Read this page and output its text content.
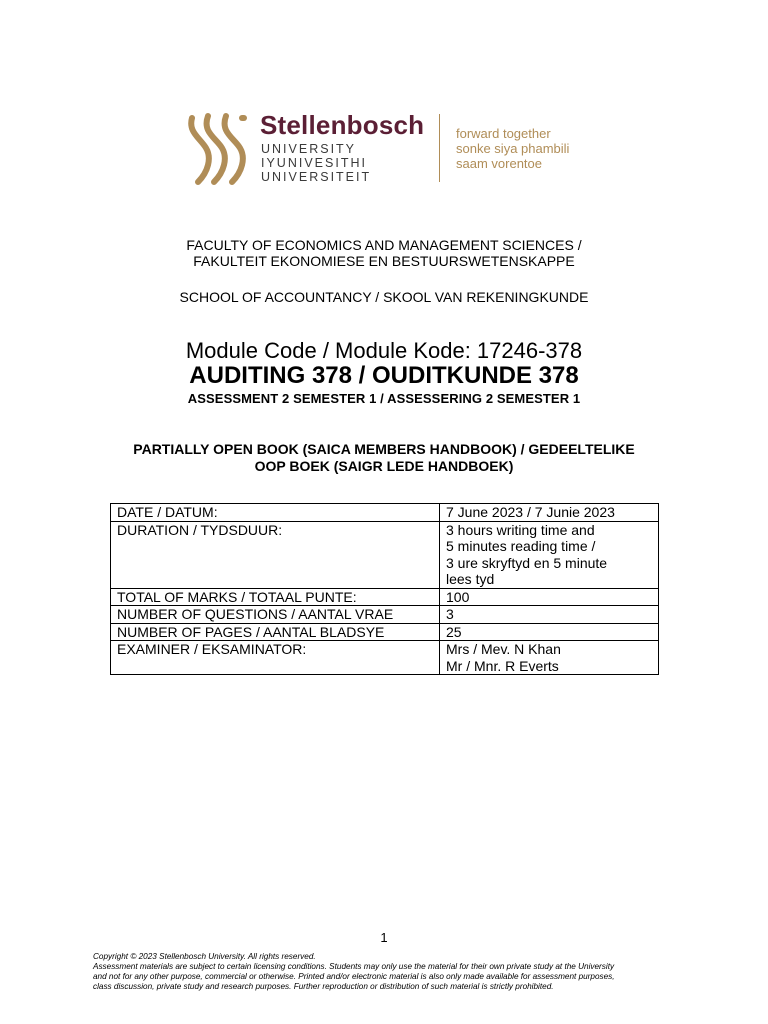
Stellenbosch
UNIVERSITY
IYUNIVESITHI
UNIVERSITEIT
forward together
sonke siya phambili
saam vorentoe
FACULTY OF ECONOMICS AND MANAGEMENT SCIENCES /
FAKULTEIT EKONOMIESE EN BESTUURSWETENSKAPPE
SCHOOL OF ACCOUNTANCY / SKOOL VAN REKENINGKUNDE
Module Code / Module Kode: 17246-378
AUDITING 378 / OUDITKUNDE 378
ASSESSMENT 2 SEMESTER 1 / ASSESSERING 2 SEMESTER 1
PARTIALLY OPEN BOOK (SAICA MEMBERS HANDBOOK) / GEDEELTELIKE
OOP BOEK (SAIGR LEDE HANDBOEK)
DATE / DATUM:	7 June 2023 / 7 Junie 2023

DURATION / TYDSDUUR:	3 hours writing time and
5 minutes reading time /
3 ure skryftyd en 5 minute
lees tyd

TOTAL OF MARKS / TOTAAL PUNTE:	100

NUMBER OF QUESTIONS / AANTAL VRAE	3

NUMBER OF PAGES / AANTAL BLADSYE	25

EXAMINER / EKSAMINATOR:	Mrs / Mev. N Khan
Mr / Mnr. R Everts
1
Copyright © 2023 Stellenbosch University. All rights reserved.
Assessment materials are subject to certain licensing conditions. Students may only use the material for their own private study at the University
and not for any other purpose, commercial or otherwise. Printed and/or electronic material is also only made available for assessment purposes,
class discussion, private study and research purposes. Further reproduction or distribution of such material is strictly prohibited.
